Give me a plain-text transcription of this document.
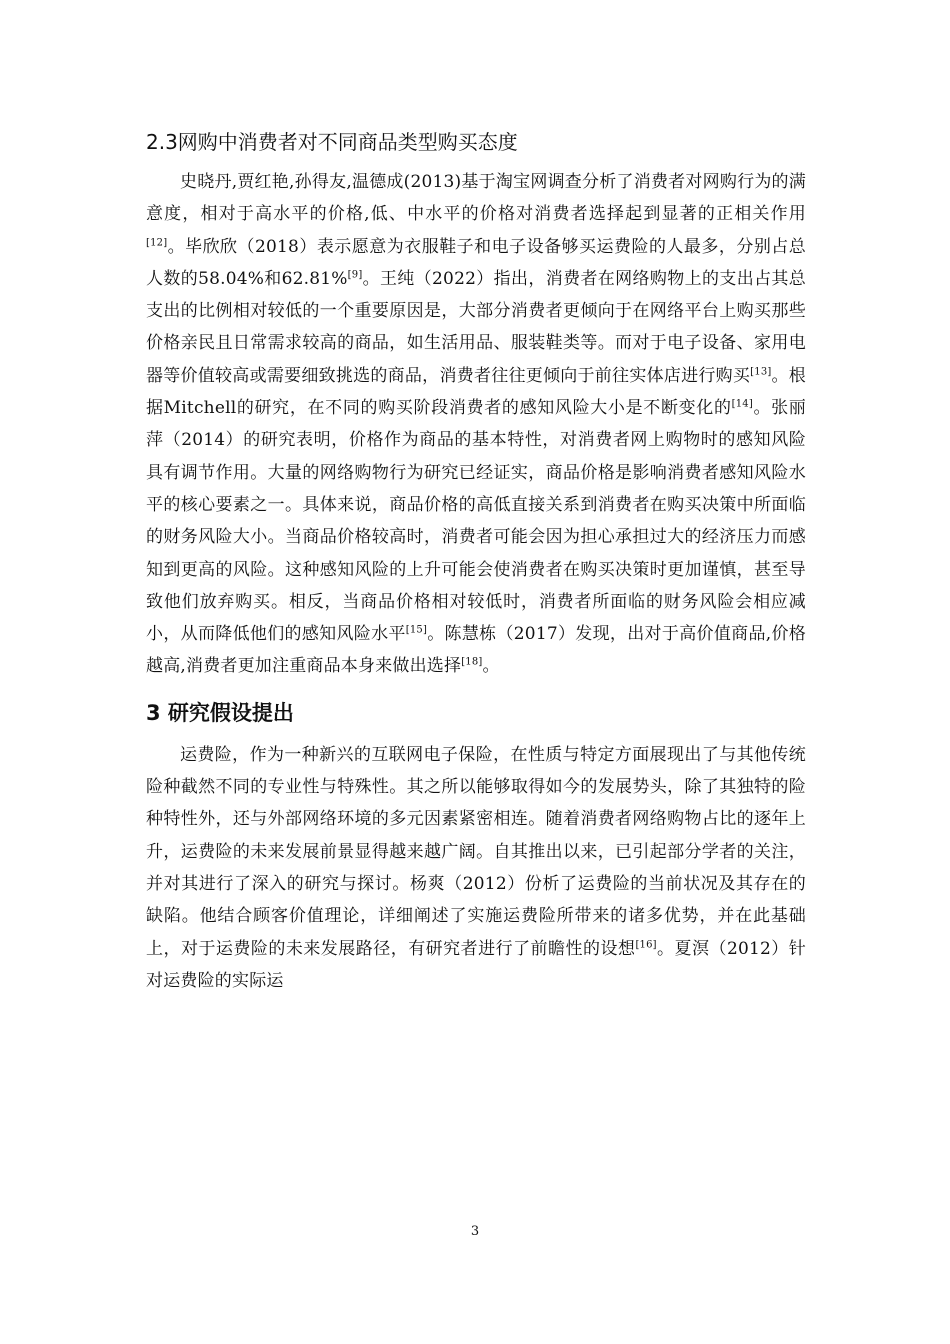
2.3网购中消费者对不同商品类型购买态度

史晓丹,贾红艳,孙得友,温德成(2013)基于淘宝网调查分析了消费者对网购行为的满意度，相对于高水平的价格,低、中水平的价格对消费者选择起到显著的正相关作用[12]。毕欣欣（2018）表示愿意为衣服鞋子和电子设备够买运费险的人最多，分别占总人数的58.04%和62.81%[9]。王纯（2022）指出，消费者在网络购物上的支出占其总支出的比例相对较低的一个重要原因是，大部分消费者更倾向于在网络平台上购买那些价格亲民且日常需求较高的商品，如生活用品、服装鞋类等。而对于电子设备、家用电器等价值较高或需要细致挑选的商品，消费者往往更倾向于前往实体店进行购买[13]。根据Mitchell的研究，在不同的购买阶段消费者的感知风险大小是不断变化的[14]。张丽萍（2014）的研究表明，价格作为商品的基本特性，对消费者网上购物时的感知风险具有调节作用。大量的网络购物行为研究已经证实，商品价格是影响消费者感知风险水平的核心要素之一。具体来说，商品价格的高低直接关系到消费者在购买决策中所面临的财务风险大小。当商品价格较高时，消费者可能会因为担心承担过大的经济压力而感知到更高的风险。这种感知风险的上升可能会使消费者在购买决策时更加谨慎，甚至导致他们放弃购买。相反，当商品价格相对较低时，消费者所面临的财务风险会相应减小，从而降低他们的感知风险水平[15]。陈慧栋（2017）发现，出对于高价值商品,价格越高,消费者更加注重商品本身来做出选择[18]。

3 研究假设提出

运费险，作为一种新兴的互联网电子保险，在性质与特定方面展现出了与其他传统险种截然不同的专业性与特殊性。其之所以能够取得如今的发展势头，除了其独特的险种特性外，还与外部网络环境的多元因素紧密相连。随着消费者网络购物占比的逐年上升，运费险的未来发展前景显得越来越广阔。自其推出以来，已引起部分学者的关注，并对其进行了深入的研究与探讨。杨爽（2012）份析了运费险的当前状况及其存在的缺陷。他结合顾客价值理论，详细阐述了实施运费险所带来的诸多优势，并在此基础上，对于运费险的未来发展路径，有研究者进行了前瞻性的设想[16]。夏溟（2012）针对运费险的实际运

3
